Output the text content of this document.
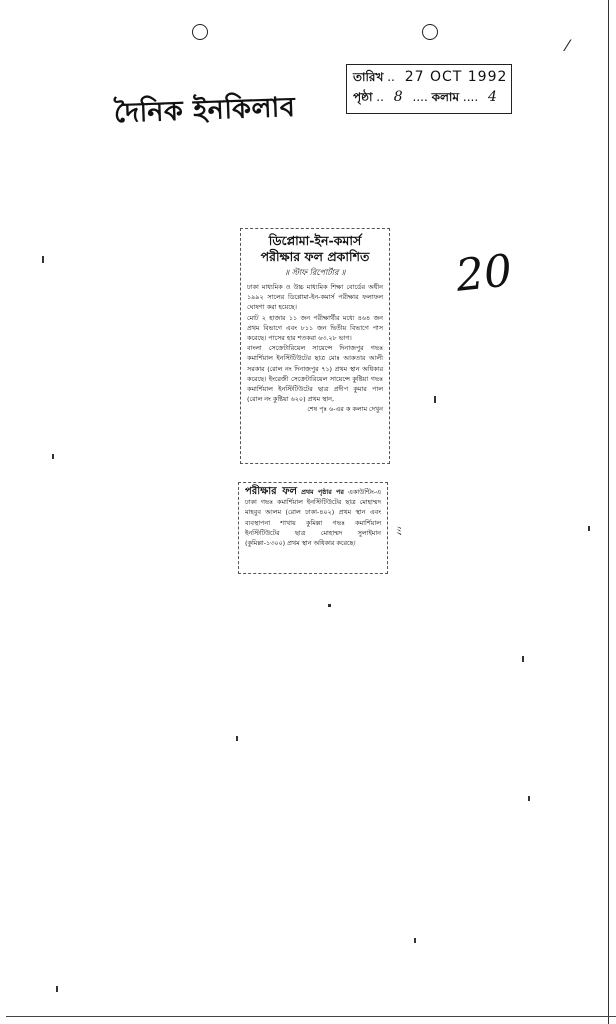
দৈনিক ইনকিলাব
তারিখ .. 27 OCT 1992
পৃষ্ঠা .. 8 .... কলাম .... 4
20
ডিপ্লোমা-ইন-কমার্স
পরীক্ষার ফল প্রকাশিত
॥ স্টাফ রিপোর্টার ॥

ঢাকা মাধ্যমিক ও উচ্চ মাধ্যমিক শিক্ষা বোর্ডের অধীন ১৯৯২ সালের ডিপ্লোমা-ইন-কমার্স পরীক্ষার ফলাফল ঘোষণা করা হয়েছে।

মোট ২ হাজার ১১ জন পরীক্ষার্থীর মধ্যে ৪৬৪ জন প্রথম বিভাগে এবং ৮১১ জন দ্বিতীয় বিভাগে পাস করেছে। পাসের হার শতকরা ৬৩.২৮ ভাগ।

বাংলা সেক্রেটারিয়েল সায়েন্সে দিনাজপুর গভঃ কমার্শিয়াল ইনস্টিটিউটের ছাত্র মোঃ আকতার আলী সরকার (রোল নং দিনাজপুর ৭১) প্রথম স্থান অধিকার করেছে। ইংরেজী সেক্রেটারিয়েল সায়েন্সে কুষ্টিয়া গভঃ কমার্শিয়াল ইনস্টিটিউটের ছাত্র প্রদীপ কুমার পাল (রোল নং কুষ্টিয়া ৬২০) প্রথম স্থান,

শেষ পৃঃ ৬-এর ক কলাম দেখুন

পরীক্ষার ফল প্রথম পৃষ্ঠার পর একাউন্টিং-এ ঢাকা গভঃ কমার্শিয়াল ইনস্টিটিউটের ছাত্র মোহাম্মদ মাহবুব আলম (রোল ঢাকা-৪০২) প্রথম স্থান এবং ব্যবস্থাপনা শাখায় কুমিল্লা গভঃ কমার্শিয়াল ইনস্টিটিউটের ছাত্র মোহাম্মদ সুলাইমান (কুমিল্লা-১৩০০) প্রথম স্থান অধিকার করেছে।

⁄
ﾐ
